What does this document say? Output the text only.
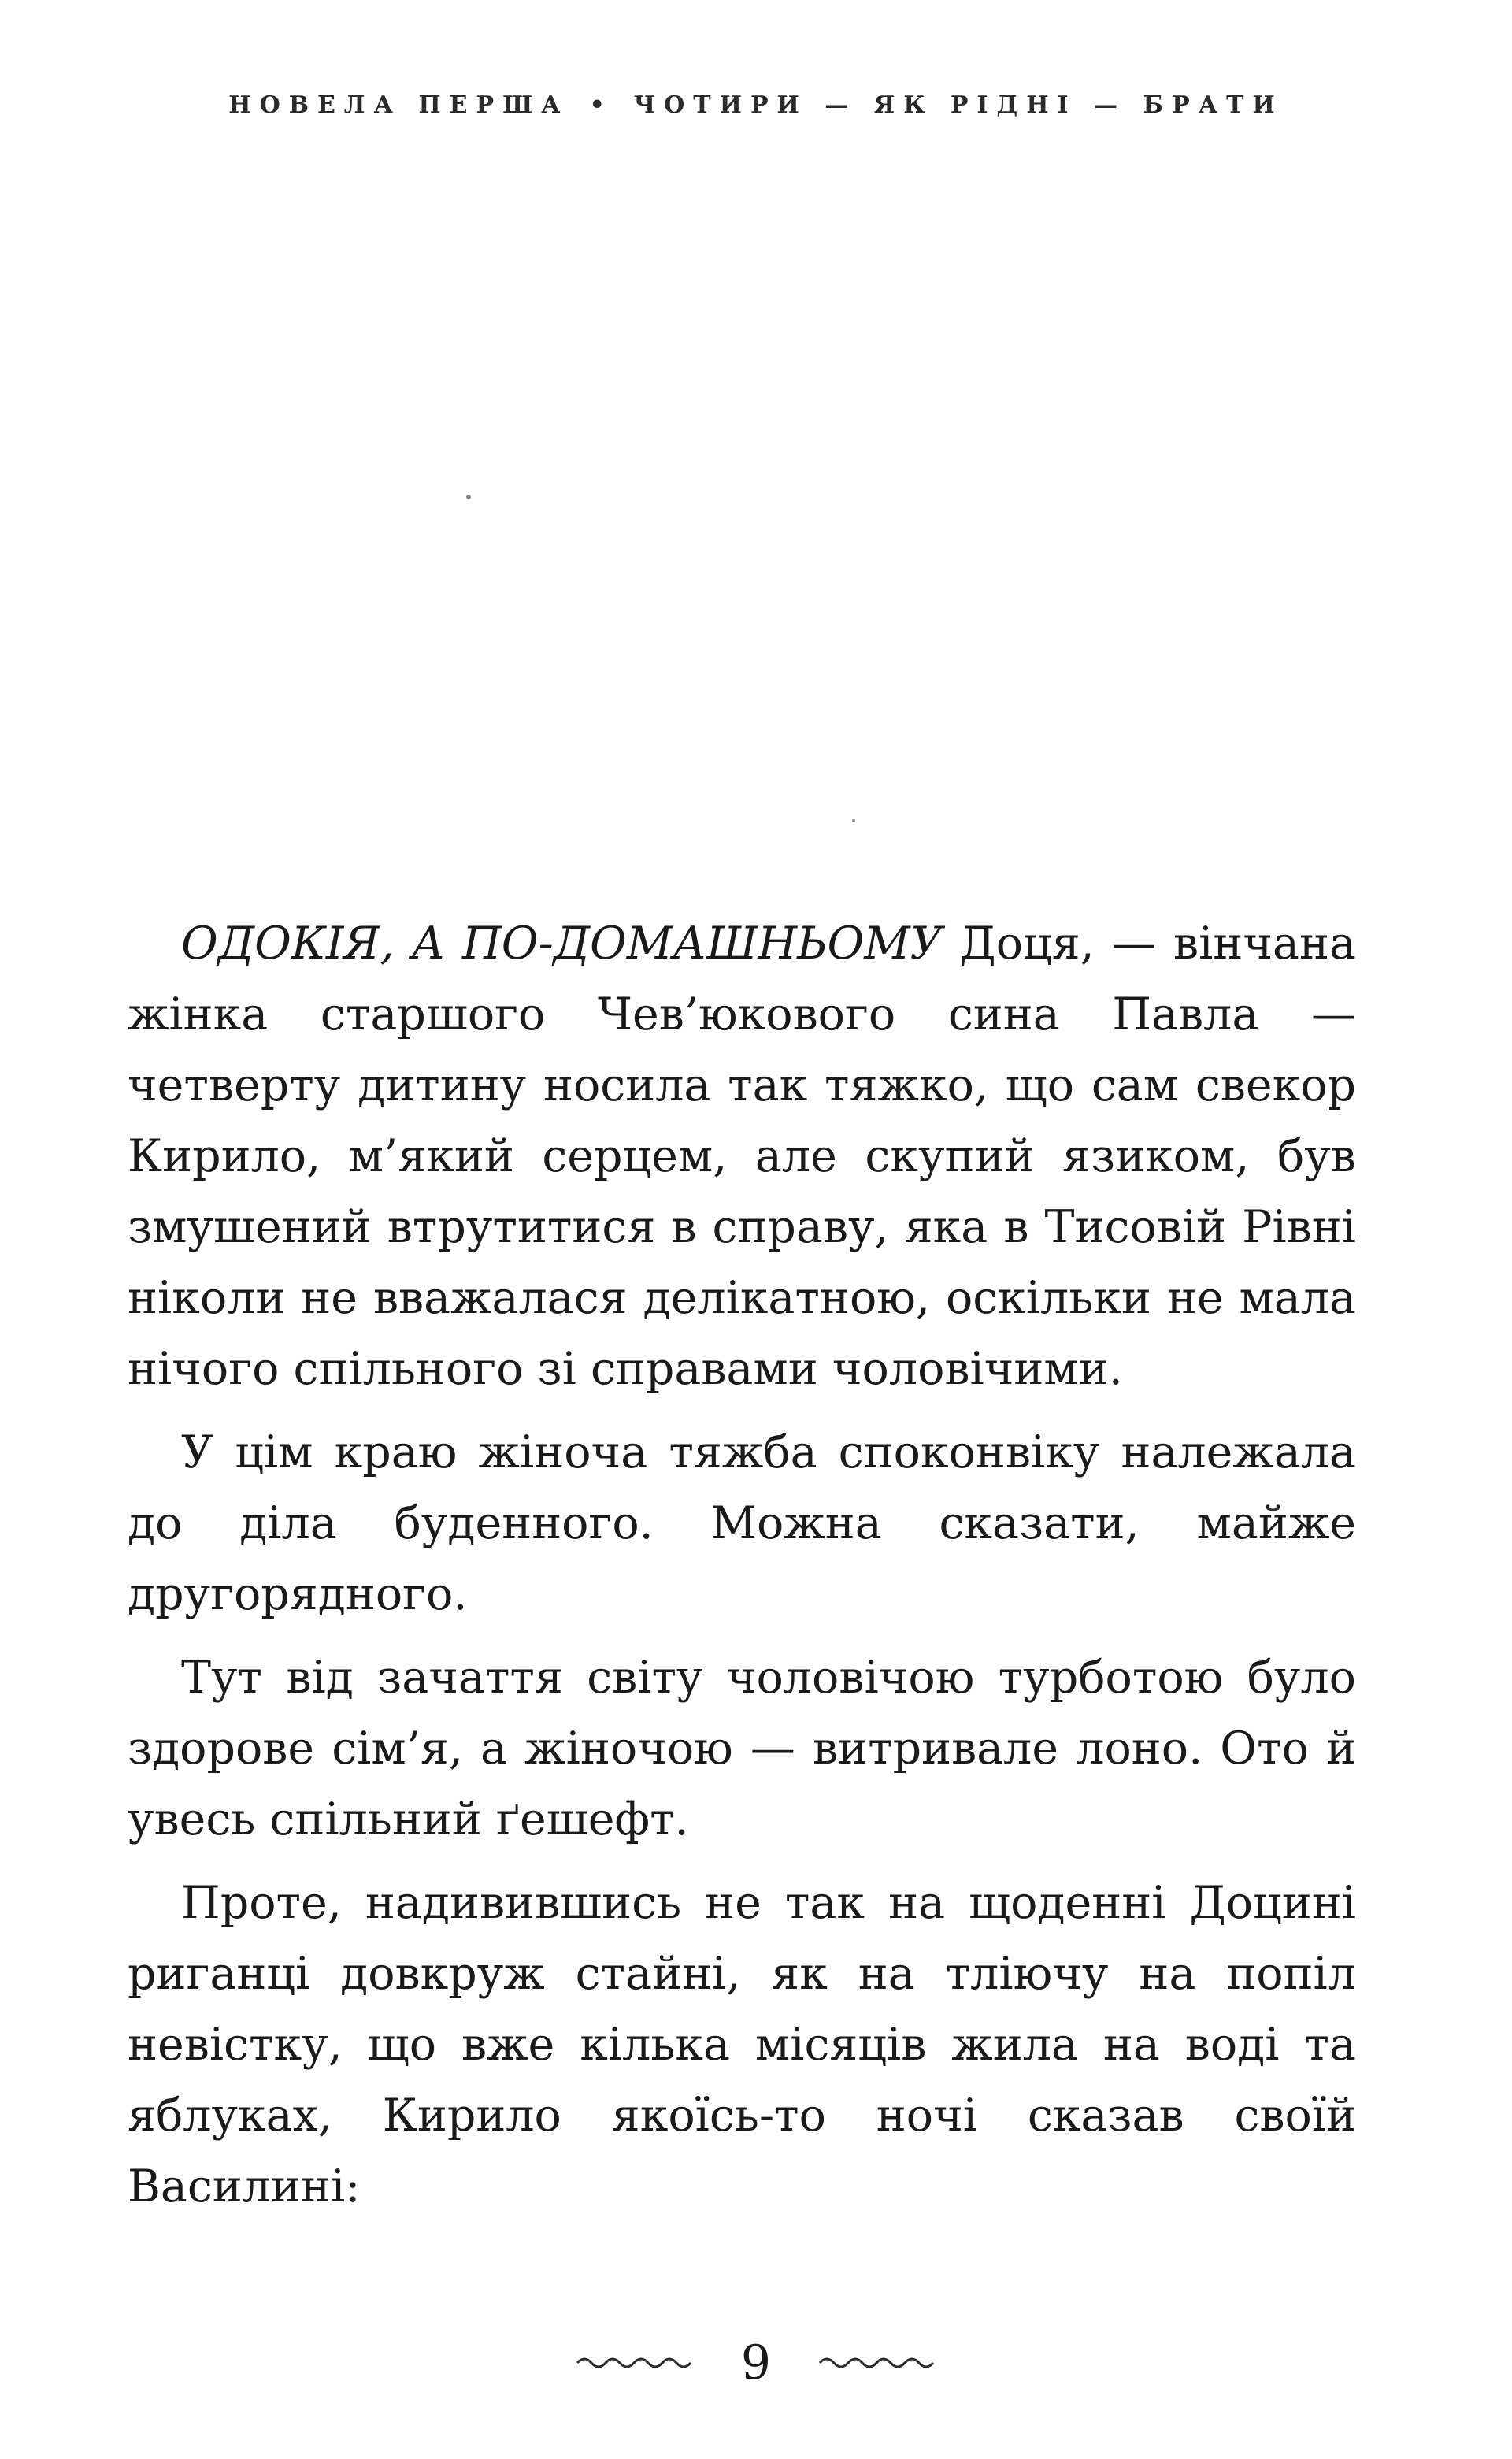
НОВЕЛА ПЕРША • ЧОТИРИ — ЯК РІДНІ — БРАТИ

ОДОКІЯ, А ПО-ДОМАШНЬОМУ Доця, — вінчана жінка старшого Чев’юкового сина Павла — четверту дитину носила так тяжко, що сам свекор Кирило, м’який серцем, але скупий язиком, був змушений втрутитися в справу, яка в Тисовій Рівні ніколи не вважалася делікатною, оскільки не мала нічого спільного зі справами чоловічими.

У цім краю жіноча тяжба споконвіку належала до діла буденного. Можна сказати, майже другорядного.

Тут від зачаття світу чоловічою турботою було здорове сім’я, а жіночою — витривале лоно. Ото й увесь спільний ґешефт.

Проте, надивившись не так на щоденні Доцині риганці довкруж стайні, як на тліючу на попіл невістку, що вже кілька місяців жила на воді та яблуках, Кирило якоїсь-то ночі сказав своїй Василині:

9
